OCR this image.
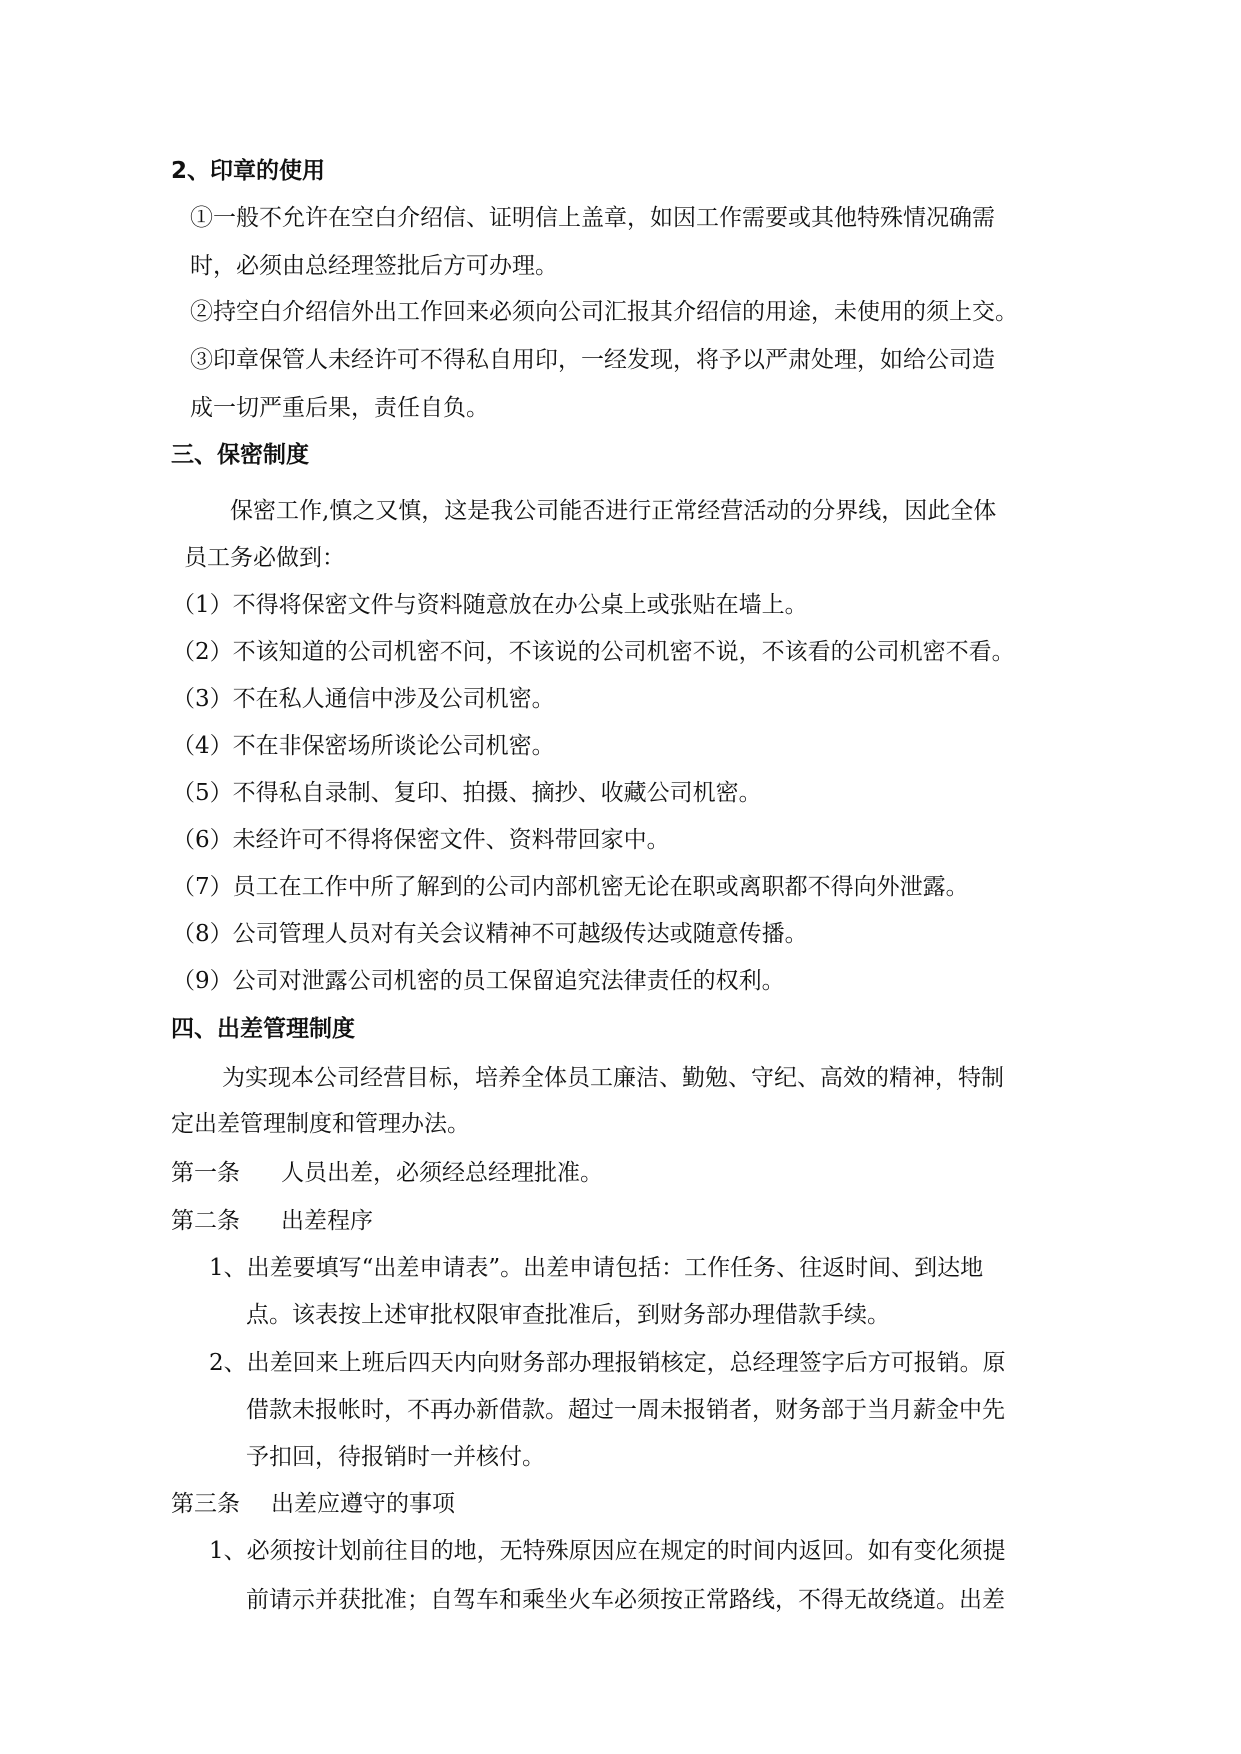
2、印章的使用
①一般不允许在空白介绍信、证明信上盖章，如因工作需要或其他特殊情况确需
时，必须由总经理签批后方可办理。
②持空白介绍信外出工作回来必须向公司汇报其介绍信的用途，未使用的须上交。
③印章保管人未经许可不得私自用印，一经发现，将予以严肃处理，如给公司造
成一切严重后果，责任自负。
三、保密制度
保密工作,慎之又慎，这是我公司能否进行正常经营活动的分界线，因此全体
员工务必做到：
（1）不得将保密文件与资料随意放在办公桌上或张贴在墙上。
（2）不该知道的公司机密不问，不该说的公司机密不说，不该看的公司机密不看。
（3）不在私人通信中涉及公司机密。
（4）不在非保密场所谈论公司机密。
（5）不得私自录制、复印、拍摄、摘抄、收藏公司机密。
（6）未经许可不得将保密文件、资料带回家中。
（7）员工在工作中所了解到的公司内部机密无论在职或离职都不得向外泄露。
（8）公司管理人员对有关会议精神不可越级传达或随意传播。
（9）公司对泄露公司机密的员工保留追究法律责任的权利。
四、出差管理制度
为实现本公司经营目标，培养全体员工廉洁、勤勉、守纪、高效的精神，特制
定出差管理制度和管理办法。
第一条 人员出差，必须经总经理批准。
第二条 出差程序
1、出差要填写“出差申请表”。出差申请包括：工作任务、往返时间、到达地
点。该表按上述审批权限审查批准后，到财务部办理借款手续。
2、出差回来上班后四天内向财务部办理报销核定，总经理签字后方可报销。原
借款未报帐时，不再办新借款。超过一周未报销者，财务部于当月薪金中先
予扣回，待报销时一并核付。
第三条 出差应遵守的事项
1、必须按计划前往目的地，无特殊原因应在规定的时间内返回。如有变化须提
前请示并获批准；自驾车和乘坐火车必须按正常路线，不得无故绕道。出差
